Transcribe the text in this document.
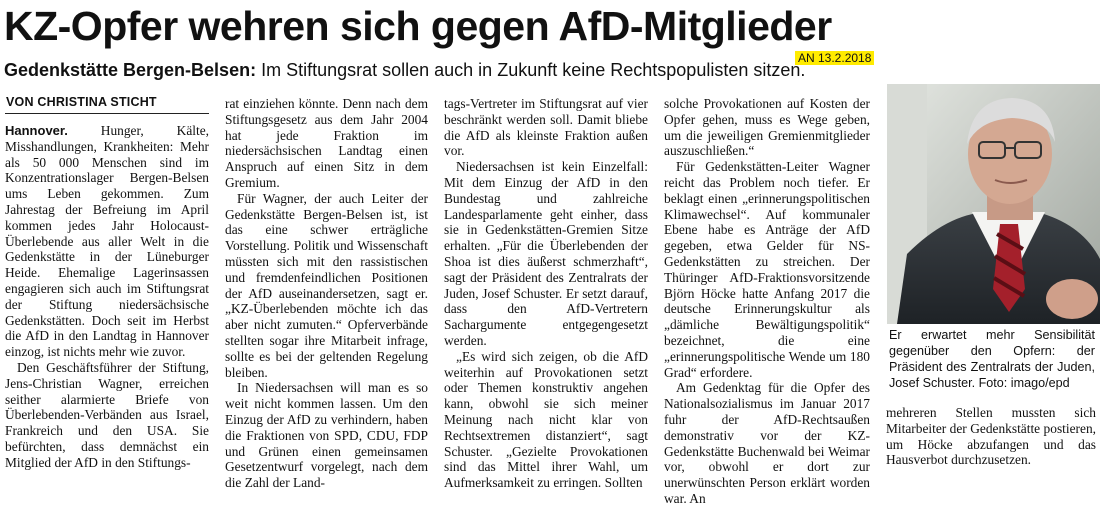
KZ-Opfer wehren sich gegen AfD-Mitglieder
AN 13.2.2018

Gedenkstätte Bergen-Belsen: Im Stiftungsrat sollen auch in Zukunft keine Rechtspopulisten sitzen.

VON CHRISTINA STICHT

Hannover. Hunger, Kälte, Misshandlungen, Krankheiten: Mehr als 50 000 Menschen sind im Konzentrationslager Bergen-Belsen ums Leben gekommen. Zum Jahrestag der Befreiung im April kommen jedes Jahr Holocaust-Überlebende aus aller Welt in die Gedenkstätte in der Lüneburger Heide. Ehemalige Lagerinsassen engagieren sich auch im Stiftungsrat der Stiftung niedersächsische Gedenkstätten. Doch seit im Herbst die AfD in den Landtag in Hannover einzog, ist nichts mehr wie zuvor.

Den Geschäftsführer der Stiftung, Jens-Christian Wagner, erreichen seither alarmierte Briefe von Überlebenden-Verbänden aus Israel, Frankreich und den USA. Sie befürchten, dass demnächst ein Mitglied der AfD in den Stiftungs-

rat einziehen könnte. Denn nach dem Stiftungsgesetz aus dem Jahr 2004 hat jede Fraktion im niedersächsischen Landtag einen Anspruch auf einen Sitz in dem Gremium.

Für Wagner, der auch Leiter der Gedenkstätte Bergen-Belsen ist, ist das eine schwer erträgliche Vorstellung. Politik und Wissenschaft müssten sich mit den rassistischen und fremdenfeindlichen Positionen der AfD auseinandersetzen, sagt er. „KZ-Überlebenden möchte ich das aber nicht zumuten.“ Opferverbände stellten sogar ihre Mitarbeit infrage, sollte es bei der geltenden Regelung bleiben.

In Niedersachsen will man es so weit nicht kommen lassen. Um den Einzug der AfD zu verhindern, haben die Fraktionen von SPD, CDU, FDP und Grünen einen gemeinsamen Gesetzentwurf vorgelegt, nach dem die Zahl der Land-

tags-Vertreter im Stiftungsrat auf vier beschränkt werden soll. Damit bliebe die AfD als kleinste Fraktion außen vor.

Niedersachsen ist kein Einzelfall: Mit dem Einzug der AfD in den Bundestag und zahlreiche Landesparlamente geht einher, dass sie in Gedenkstätten-Gremien Sitze erhalten. „Für die Überlebenden der Shoa ist dies äußerst schmerzhaft“, sagt der Präsident des Zentralrats der Juden, Josef Schuster. Er setzt darauf, dass den AfD-Vertretern Sachargumente entgegengesetzt werden.

„Es wird sich zeigen, ob die AfD weiterhin auf Provokationen setzt oder Themen konstruktiv angehen kann, obwohl sie sich meiner Meinung nach nicht klar von Rechtsextremen distanziert“, sagt Schuster. „Gezielte Provokationen sind das Mittel ihrer Wahl, um Aufmerksamkeit zu erringen. Sollten

solche Provokationen auf Kosten der Opfer gehen, muss es Wege geben, um die jeweiligen Gremienmitglieder auszuschließen.“

Für Gedenkstätten-Leiter Wagner reicht das Problem noch tiefer. Er beklagt einen „erinnerungspolitischen Klimawechsel“. Auf kommunaler Ebene habe es Anträge der AfD gegeben, etwa Gelder für NS-Gedenkstätten zu streichen. Der Thüringer AfD-Fraktionsvorsitzende Björn Höcke hatte Anfang 2017 die deutsche Erinnerungskultur als „dämliche Bewältigungspolitik“ bezeichnet, die eine „erinnerungspolitische Wende um 180 Grad“ erfordere.

Am Gedenktag für die Opfer des Nationalsozialismus im Januar 2017 fuhr der AfD-Rechtsaußen demonstrativ vor der KZ-Gedenkstätte Buchenwald bei Weimar vor, obwohl er dort zur unerwünschten Person erklärt worden war. An

Er erwartet mehr Sensibilität gegenüber den Opfern: der Präsident des Zentralrats der Juden, Josef Schuster. Foto: imago/epd

mehreren Stellen mussten sich Mitarbeiter der Gedenkstätte postieren, um Höcke abzufangen und das Hausverbot durchzusetzen.
